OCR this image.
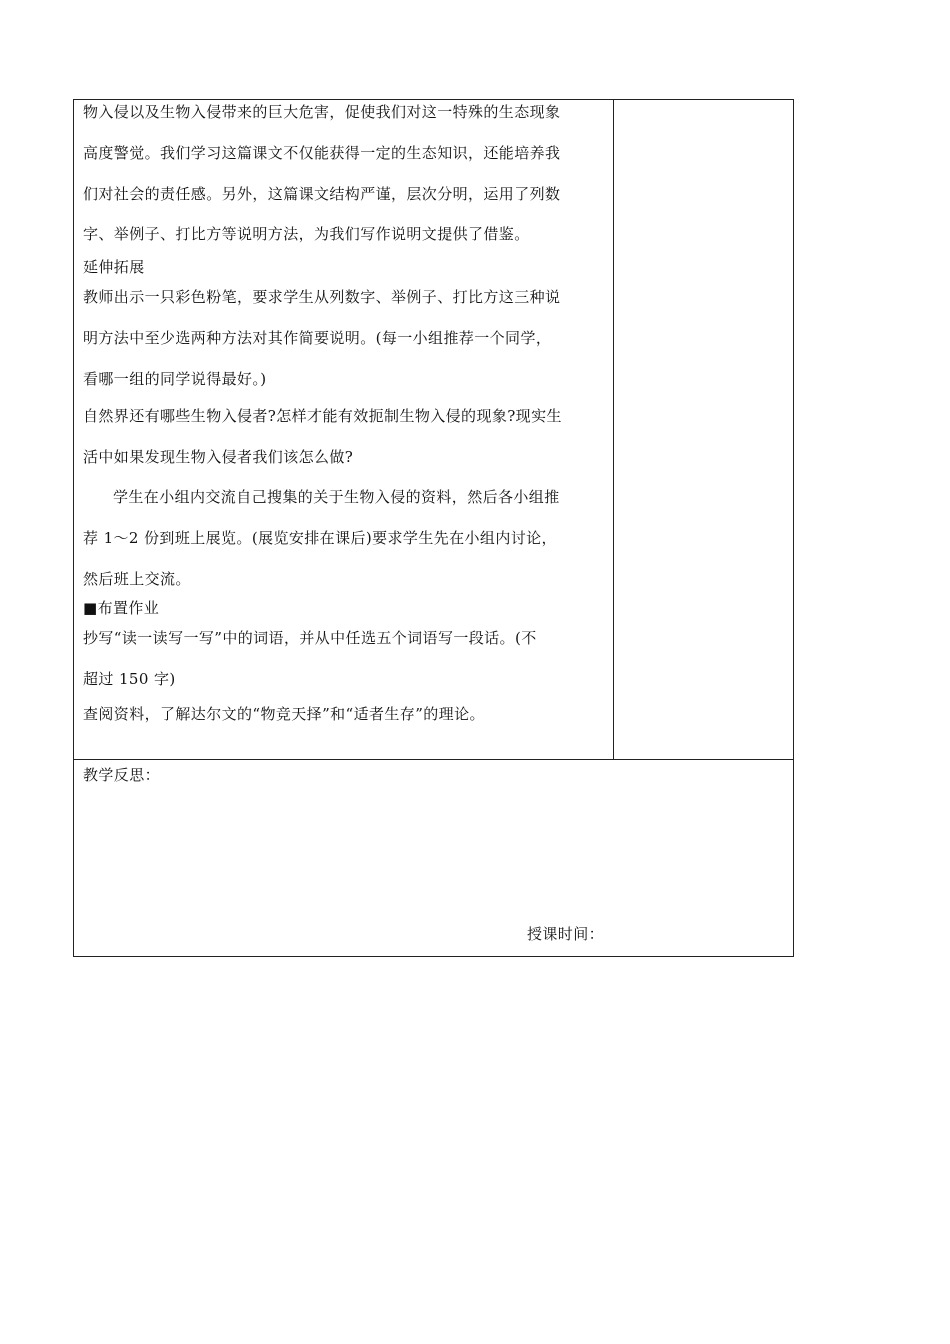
物入侵以及生物入侵带来的巨大危害，促使我们对这一特殊的生态现象
高度警觉。我们学习这篇课文不仅能获得一定的生态知识，还能培养我
们对社会的责任感。另外，这篇课文结构严谨，层次分明，运用了列数
字、举例子、打比方等说明方法，为我们写作说明文提供了借鉴。
延伸拓展
教师出示一只彩色粉笔，要求学生从列数字、举例子、打比方这三种说
明方法中至少选两种方法对其作简要说明。(每一小组推荐一个同学，
看哪一组的同学说得最好。)
自然界还有哪些生物入侵者?怎样才能有效扼制生物入侵的现象?现实生
活中如果发现生物入侵者我们该怎么做?
学生在小组内交流自己搜集的关于生物入侵的资料，然后各小组推
荐 1～2 份到班上展览。(展览安排在课后)要求学生先在小组内讨论，
然后班上交流。
■布置作业
抄写“读一读写一写”中的词语，并从中任选五个词语写一段话。(不
超过 150 字)
查阅资料，了解达尔文的“物竞天择”和“适者生存”的理论。

教学反思：
授课时间：
